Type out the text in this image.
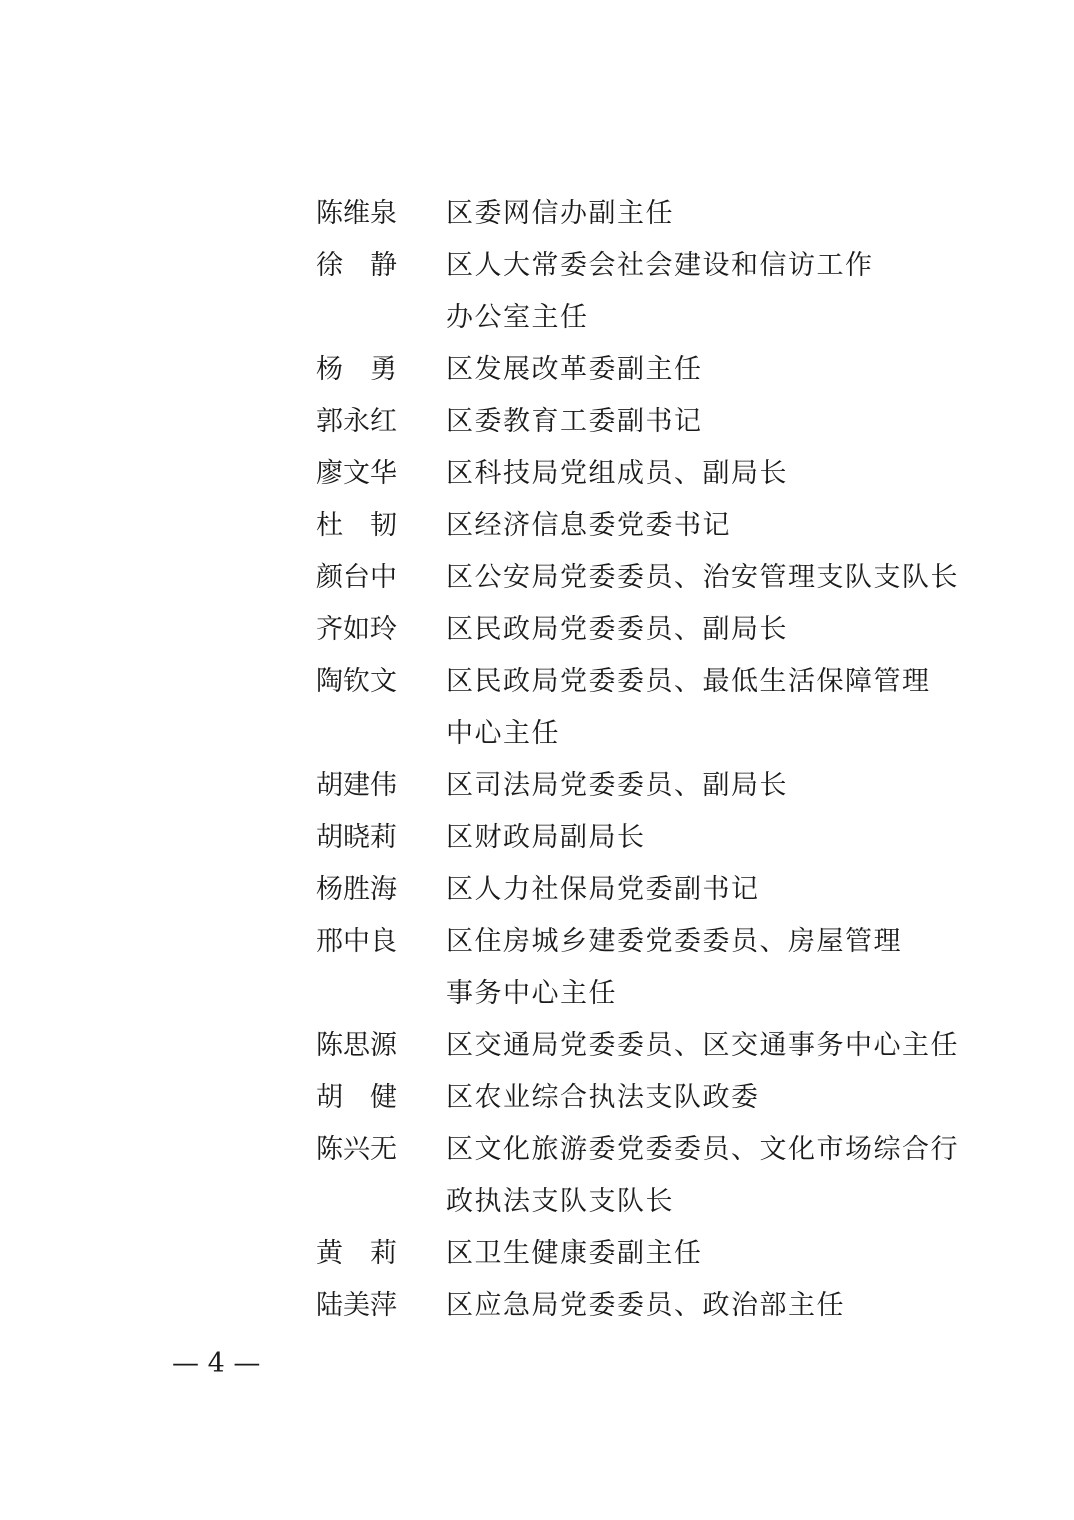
陈维泉	区委网信办副主任
徐　静	区人大常委会社会建设和信访工作
办公室主任
杨　勇	区发展改革委副主任
郭永红	区委教育工委副书记
廖文华	区科技局党组成员、副局长
杜　韧	区经济信息委党委书记
颜台中	区公安局党委委员、治安管理支队支队长
齐如玲	区民政局党委委员、副局长
陶钦文	区民政局党委委员、最低生活保障管理
中心主任
胡建伟	区司法局党委委员、副局长
胡晓莉	区财政局副局长
杨胜海	区人力社保局党委副书记
邢中良	区住房城乡建委党委委员、房屋管理
事务中心主任
陈思源	区交通局党委委员、区交通事务中心主任
胡　健	区农业综合执法支队政委
陈兴无	区文化旅游委党委委员、文化市场综合行
政执法支队支队长
黄　莉	区卫生健康委副主任
陆美萍	区应急局党委委员、政治部主任
— 4 —
